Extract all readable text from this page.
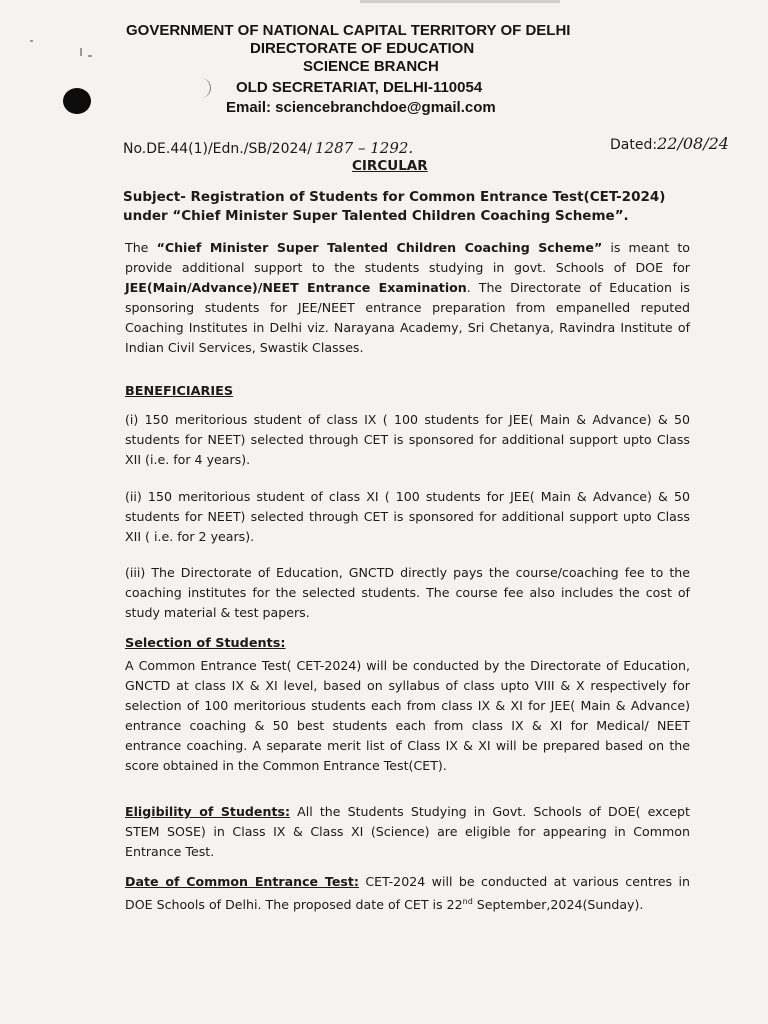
GOVERNMENT OF NATIONAL CAPITAL TERRITORY OF DELHI
DIRECTORATE OF EDUCATION
SCIENCE BRANCH
OLD SECRETARIAT, DELHI-110054
Email: sciencebranchdoe@gmail.com
No.DE.44(1)/Edn./SB/2024/ 1287 – 1292.	Dated:22/08/24
CIRCULAR
Subject- Registration of Students for Common Entrance Test(CET-2024)
under “Chief Minister Super Talented Children Coaching Scheme”.
The “Chief Minister Super Talented Children Coaching Scheme” is meant to provide additional support to the students studying in govt. Schools of DOE for JEE(Main/Advance)/NEET Entrance Examination. The Directorate of Education is sponsoring students for JEE/NEET entrance preparation from empanelled reputed Coaching Institutes in Delhi viz. Narayana Academy, Sri Chetanya, Ravindra Institute of Indian Civil Services, Swastik Classes.
BENEFICIARIES
(i) 150 meritorious student of class IX ( 100 students for JEE( Main & Advance) & 50 students for NEET) selected through CET is sponsored for additional support upto Class XII (i.e. for 4 years).
(ii) 150 meritorious student of class XI ( 100 students for JEE( Main & Advance) & 50 students for NEET) selected through CET is sponsored for additional support upto Class XII ( i.e. for 2 years).
(iii) The Directorate of Education, GNCTD directly pays the course/coaching fee to the coaching institutes for the selected students. The course fee also includes the cost of study material & test papers.
Selection of Students:
A Common Entrance Test( CET-2024) will be conducted by the Directorate of Education, GNCTD at class IX & XI level, based on syllabus of class upto VIII & X respectively for selection of 100 meritorious students each from class IX & XI for JEE( Main & Advance) entrance coaching & 50 best students each from class IX & XI for Medical/ NEET entrance coaching. A separate merit list of Class IX & XI will be prepared based on the score obtained in the Common Entrance Test(CET).
Eligibility of Students: All the Students Studying in Govt. Schools of DOE( except STEM SOSE) in Class IX & Class XI (Science) are eligible for appearing in Common Entrance Test.
Date of Common Entrance Test: CET-2024 will be conducted at various centres in DOE Schools of Delhi. The proposed date of CET is 22nd September,2024(Sunday).
